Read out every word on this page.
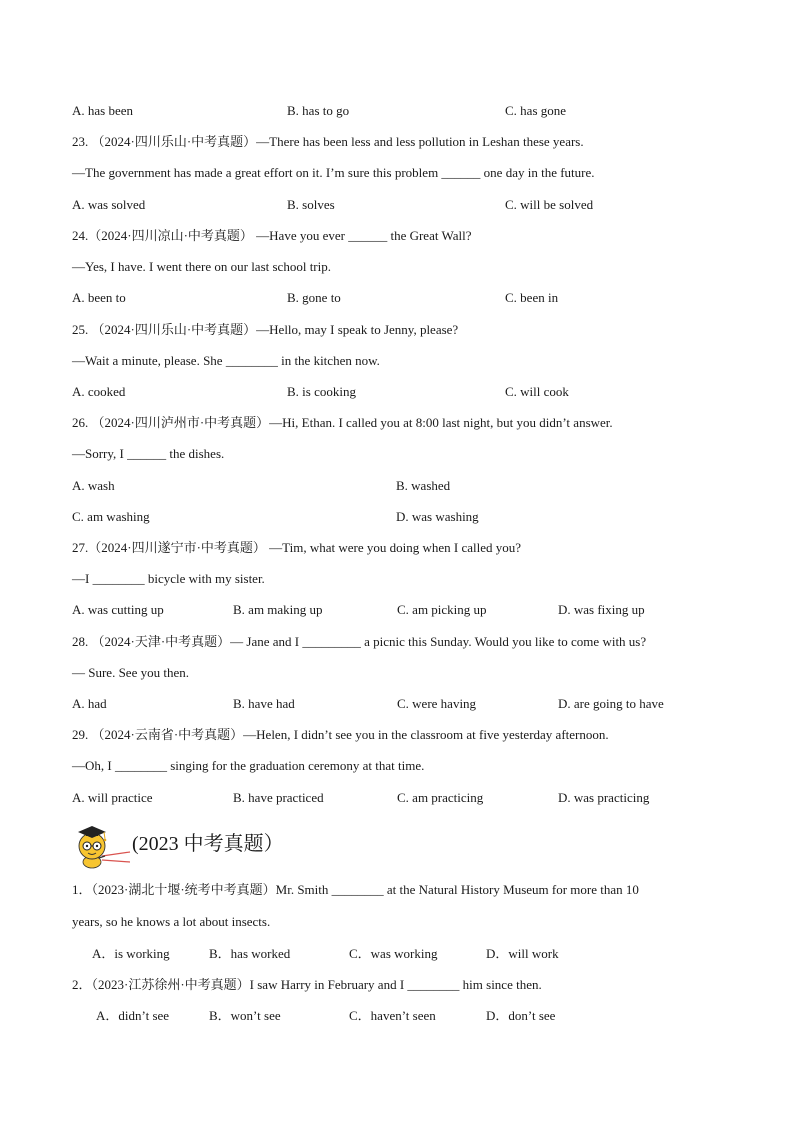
A. has been	B. has to go	C. has gone
23. （2024·四川乐山·中考真题）—There has been less and less pollution in Leshan these years.
—The government has made a great effort on it. I’m sure this problem ______ one day in the future.
A. was solved	B. solves	C. will be solved
24.（2024·四川凉山·中考真题） —Have you ever ______ the Great Wall?
—Yes, I have. I went there on our last school trip.
A. been to	B. gone to	C. been in
25. （2024·四川乐山·中考真题）—Hello, may I speak to Jenny, please?
—Wait a minute, please. She ________ in the kitchen now.
A. cooked	B. is cooking	C. will cook
26. （2024·四川泸州市·中考真题）—Hi, Ethan. I called you at 8:00 last night, but you didn’t answer.
—Sorry, I ______ the dishes.
A. wash	B. washed
C. am washing	D. was washing
27.（2024·四川遂宁市·中考真题） —Tim, what were you doing when I called you?
—I ________ bicycle with my sister.
A. was cutting up	B. am making up	C. am picking up	D. was fixing up
28. （2024·天津·中考真题）— Jane and I _________ a picnic this Sunday. Would you like to come with us?
— Sure. See you then.
A. had	B. have had	C. were having	D. are going to have
29. （2024·云南省·中考真题）—Helen, I didn’t see you in the classroom at five yesterday afternoon.
—Oh, I ________ singing for the graduation ceremony at that time.
A. will practice	B. have practiced	C. am practicing	D. was practicing
(2023 中考真题）
1．（2023·湖北十堰·统考中考真题）Mr. Smith ________ at the Natural History Museum for more than 10
years, so he knows a lot about insects.
A．is working	B．has worked	C．was working	D．will work
2．（2023·江苏徐州·中考真题）I saw Harry in February and I ________ him since then.
A．didn’t see	B．won’t see	C．haven’t seen	D．don’t see
